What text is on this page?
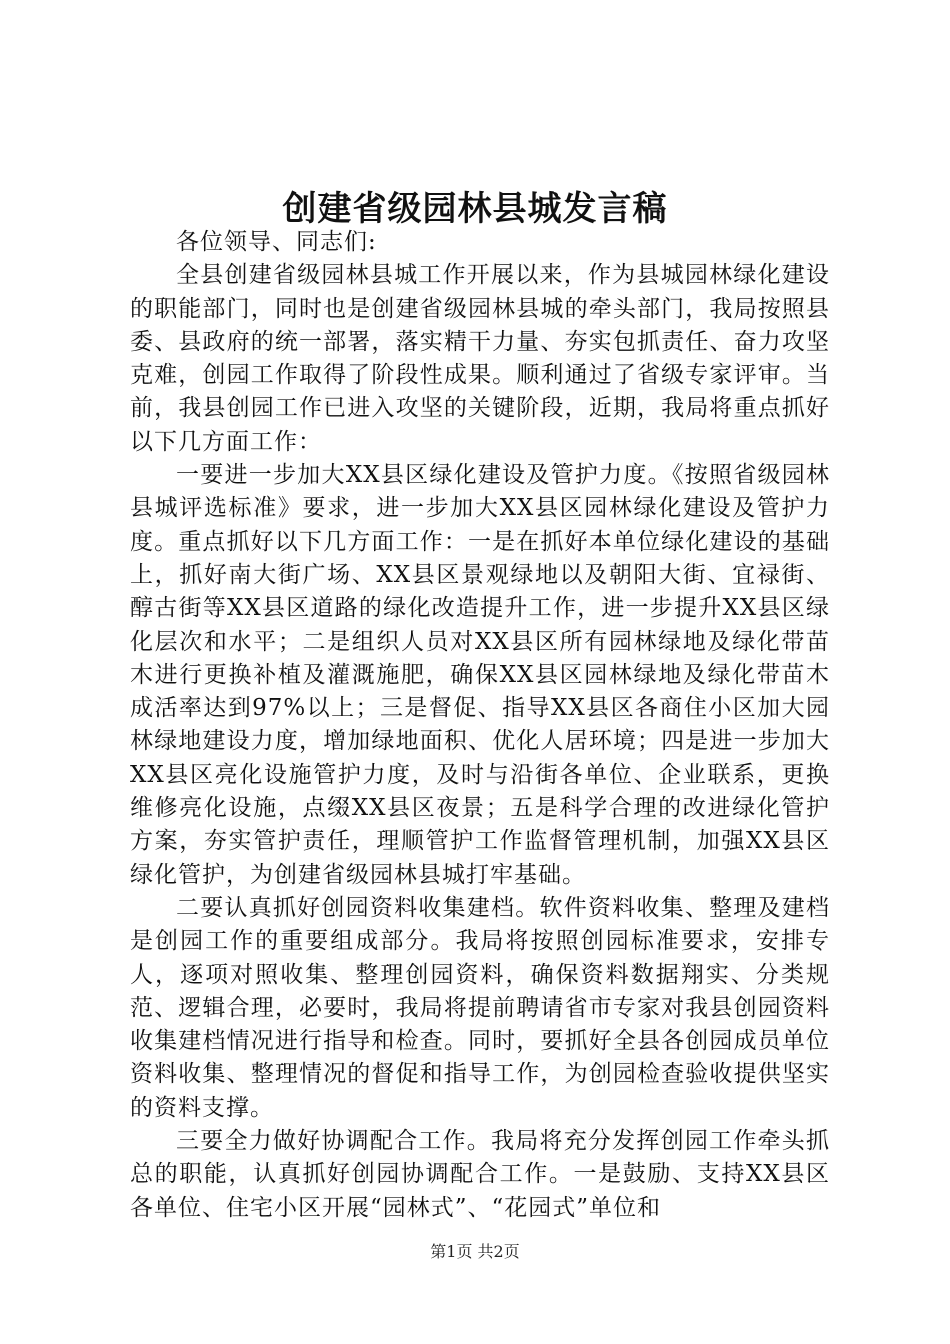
创建省级园林县城发言稿

各位领导、同志们:

全县创建省级园林县城工作开展以来，作为县城园林绿化建设的职能部门，同时也是创建省级园林县城的牵头部门，我局按照县委、县政府的统一部署，落实精干力量、夯实包抓责任、奋力攻坚克难，创园工作取得了阶段性成果。顺利通过了省级专家评审。当前，我县创园工作已进入攻坚的关键阶段，近期，我局将重点抓好以下几方面工作：

一要进一步加大XX县区绿化建设及管护力度。《按照省级园林县城评选标准》要求，进一步加大XX县区园林绿化建设及管护力度。重点抓好以下几方面工作：一是在抓好本单位绿化建设的基础上，抓好南大街广场、XX县区景观绿地以及朝阳大街、宜禄街、醇古街等XX县区道路的绿化改造提升工作，进一步提升XX县区绿化层次和水平；二是组织人员对XX县区所有园林绿地及绿化带苗木进行更换补植及灌溉施肥，确保XX县区园林绿地及绿化带苗木成活率达到97%以上；三是督促、指导XX县区各商住小区加大园林绿地建设力度，增加绿地面积、优化人居环境；四是进一步加大XX县区亮化设施管护力度，及时与沿街各单位、企业联系，更换维修亮化设施，点缀XX县区夜景；五是科学合理的改进绿化管护方案，夯实管护责任，理顺管护工作监督管理机制，加强XX县区绿化管护，为创建省级园林县城打牢基础。

二要认真抓好创园资料收集建档。软件资料收集、整理及建档是创园工作的重要组成部分。我局将按照创园标准要求，安排专人，逐项对照收集、整理创园资料，确保资料数据翔实、分类规范、逻辑合理，必要时，我局将提前聘请省市专家对我县创园资料收集建档情况进行指导和检查。同时，要抓好全县各创园成员单位资料收集、整理情况的督促和指导工作，为创园检查验收提供坚实的资料支撑。

三要全力做好协调配合工作。我局将充分发挥创园工作牵头抓总的职能，认真抓好创园协调配合工作。一是鼓励、支持XX县区各单位、住宅小区开展“园林式”、“花园式”单位和

第1页 共2页
